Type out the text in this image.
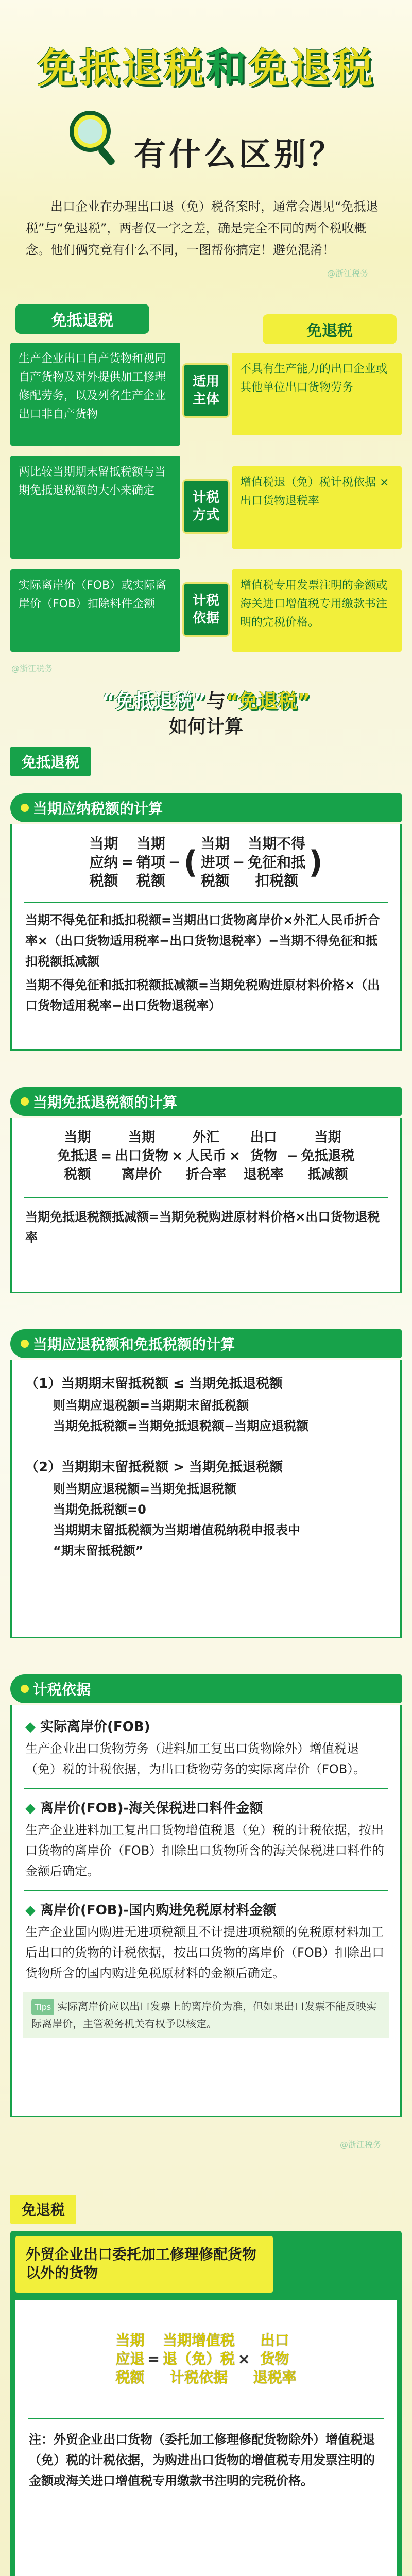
免抵退税和免退税
有什么区别？
出口企业在办理出口退（免）税备案时，通常会遇见“免抵退税”与“免退税”，两者仅一字之差，确是完全不同的两个税收概念。他们俩究竟有什么不同，一图帮你搞定！避免混淆！
@浙江税务
免抵退税
免退税
生产企业出口自产货物和视同自产货物及对外提供加工修理修配劳务，以及列名生产企业出口非自产货物
适用
主体
不具有生产能力的出口企业或其他单位出口货物劳务
两比较当期期末留抵税额与当期免抵退税额的大小来确定	计税
方式
增值税退（免）税计税依据 × 出口货物退税率
实际离岸价（FOB）或实际离岸价（FOB）扣除料件金额	计税
依据
增值税专用发票注明的金额或海关进口增值税专用缴款书注明的完税价格。
@浙江税务
“免抵退税”与“免退税”
如何计算
免抵退税
当期应纳税额的计算
当期
应纳
税额
=
当期
销项
税额
− (
当期
进项
税额
−
当期不得
免征和抵
扣税额
)
当期不得免征和抵扣税额=当期出口货物离岸价×外汇人民币折合率×（出口货物适用税率−出口货物退税率）−当期不得免征和抵扣税额抵减额
当期不得免征和抵扣税额抵减额=当期免税购进原材料价格×（出口货物适用税率−出口货物退税率）
当期免抵退税额的计算
当期
免抵退
税额
=
当期
出口货物
离岸价
×
外汇
人民币
折合率
×
出口
货物
退税率
−
当期
免抵退税
抵减额
当期免抵退税额抵减额=当期免税购进原材料价格×出口货物退税率
当期应退税额和免抵税额的计算
（1）当期期末留抵税额 ≤ 当期免抵退税额
则当期应退税额=当期期末留抵税额
当期免抵税额=当期免抵退税额−当期应退税额
（2）当期期末留抵税额 > 当期免抵退税额
则当期应退税额=当期免抵退税额
当期免抵税额=0
当期期末留抵税额为当期增值税纳税申报表中
“期末留抵税额”
计税依据
◆ 实际离岸价(FOB)
生产企业出口货物劳务（进料加工复出口货物除外）增值税退（免）税的计税依据，为出口货物劳务的实际离岸价（FOB）。
◆ 离岸价(FOB)-海关保税进口料件金额
生产企业进料加工复出口货物增值税退（免）税的计税依据，按出口货物的离岸价（FOB）扣除出口货物所含的海关保税进口料件的金额后确定。
◆ 离岸价(FOB)-国内购进免税原材料金额
生产企业国内购进无进项税额且不计提进项税额的免税原材料加工后出口的货物的计税依据，按出口货物的离岸价（FOB）扣除出口货物所含的国内购进免税原材料的金额后确定。
Tips 实际离岸价应以出口发票上的离岸价为准，但如果出口发票不能反映实际离岸价，主管税务机关有权予以核定。
@浙江税务
免退税
外贸企业出口委托加工修理修配货物以外的货物
当期
应退
税额
=
当期增值税
退（免）税
计税依据
×
出口
货物
退税率
注：外贸企业出口货物（委托加工修理修配货物除外）增值税退（免）税的计税依据，为购进出口货物的增值税专用发票注明的金额或海关进口增值税专用缴款书注明的完税价格。
